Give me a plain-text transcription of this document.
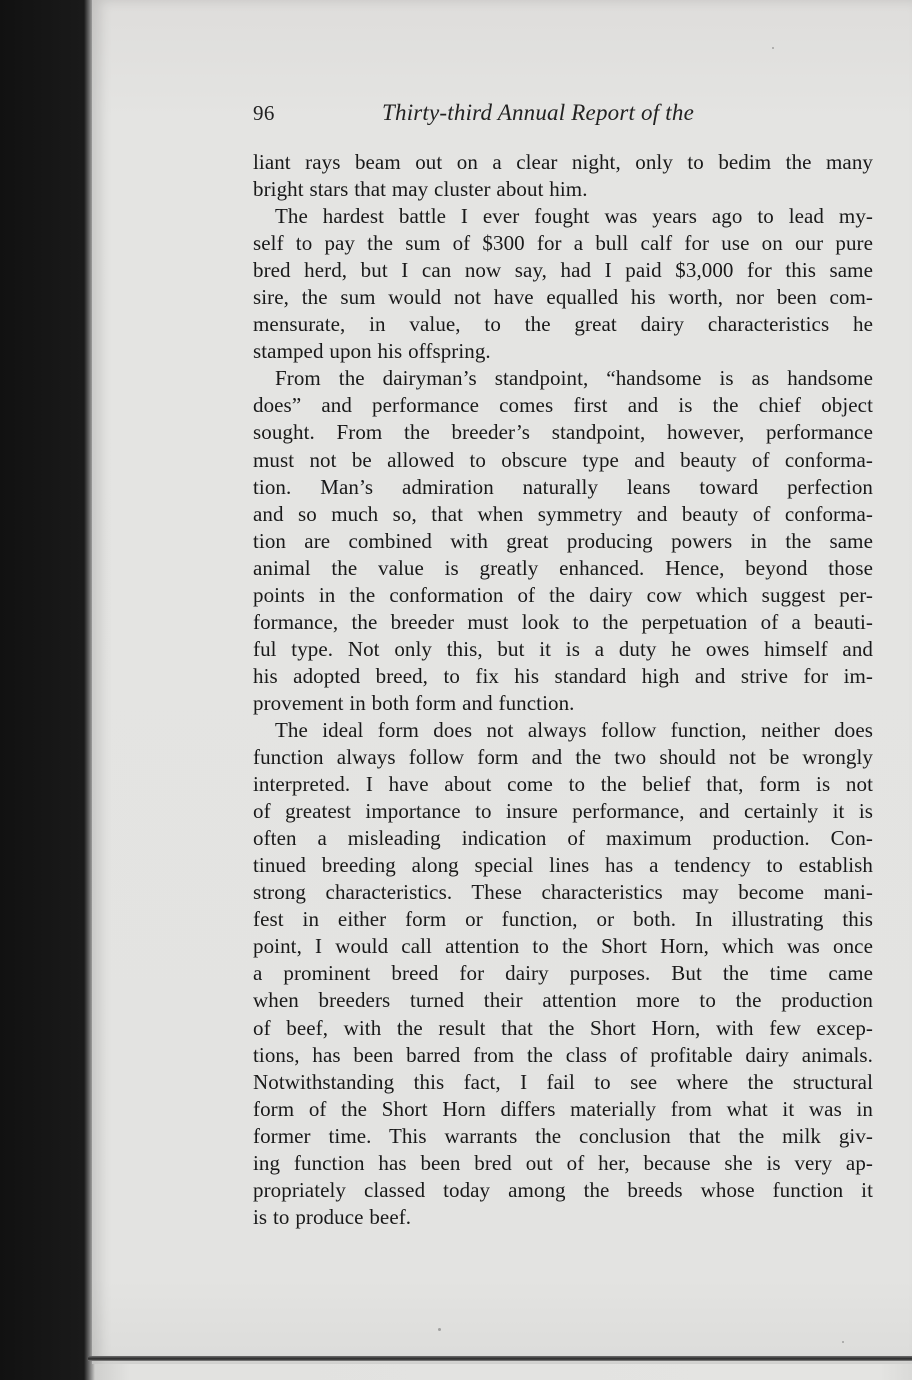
96	Thirty-third Annual Report of the
liant rays beam out on a clear night, only to bedim the many
bright stars that may cluster about him.
The hardest battle I ever fought was years ago to lead my-
self to pay the sum of $300 for a bull calf for use on our pure
bred herd, but I can now say, had I paid $3,000 for this same
sire, the sum would not have equalled his worth, nor been com-
mensurate, in value, to the great dairy characteristics he
stamped upon his offspring.
From the dairyman’s standpoint, “handsome is as handsome
does” and performance comes first and is the chief object
sought. From the breeder’s standpoint, however, performance
must not be allowed to obscure type and beauty of conforma-
tion. Man’s admiration naturally leans toward perfection
and so much so, that when symmetry and beauty of conforma-
tion are combined with great producing powers in the same
animal the value is greatly enhanced. Hence, beyond those
points in the conformation of the dairy cow which suggest per-
formance, the breeder must look to the perpetuation of a beauti-
ful type. Not only this, but it is a duty he owes himself and
his adopted breed, to fix his standard high and strive for im-
provement in both form and function.
The ideal form does not always follow function, neither does
function always follow form and the two should not be wrongly
interpreted. I have about come to the belief that, form is not
of greatest importance to insure performance, and certainly it is
often a misleading indication of maximum production. Con-
tinued breeding along special lines has a tendency to establish
strong characteristics. These characteristics may become mani-
fest in either form or function, or both. In illustrating this
point, I would call attention to the Short Horn, which was once
a prominent breed for dairy purposes. But the time came
when breeders turned their attention more to the production
of beef, with the result that the Short Horn, with few excep-
tions, has been barred from the class of profitable dairy animals.
Notwithstanding this fact, I fail to see where the structural
form of the Short Horn differs materially from what it was in
former time. This warrants the conclusion that the milk giv-
ing function has been bred out of her, because she is very ap-
propriately classed today among the breeds whose function it
is to produce beef.
